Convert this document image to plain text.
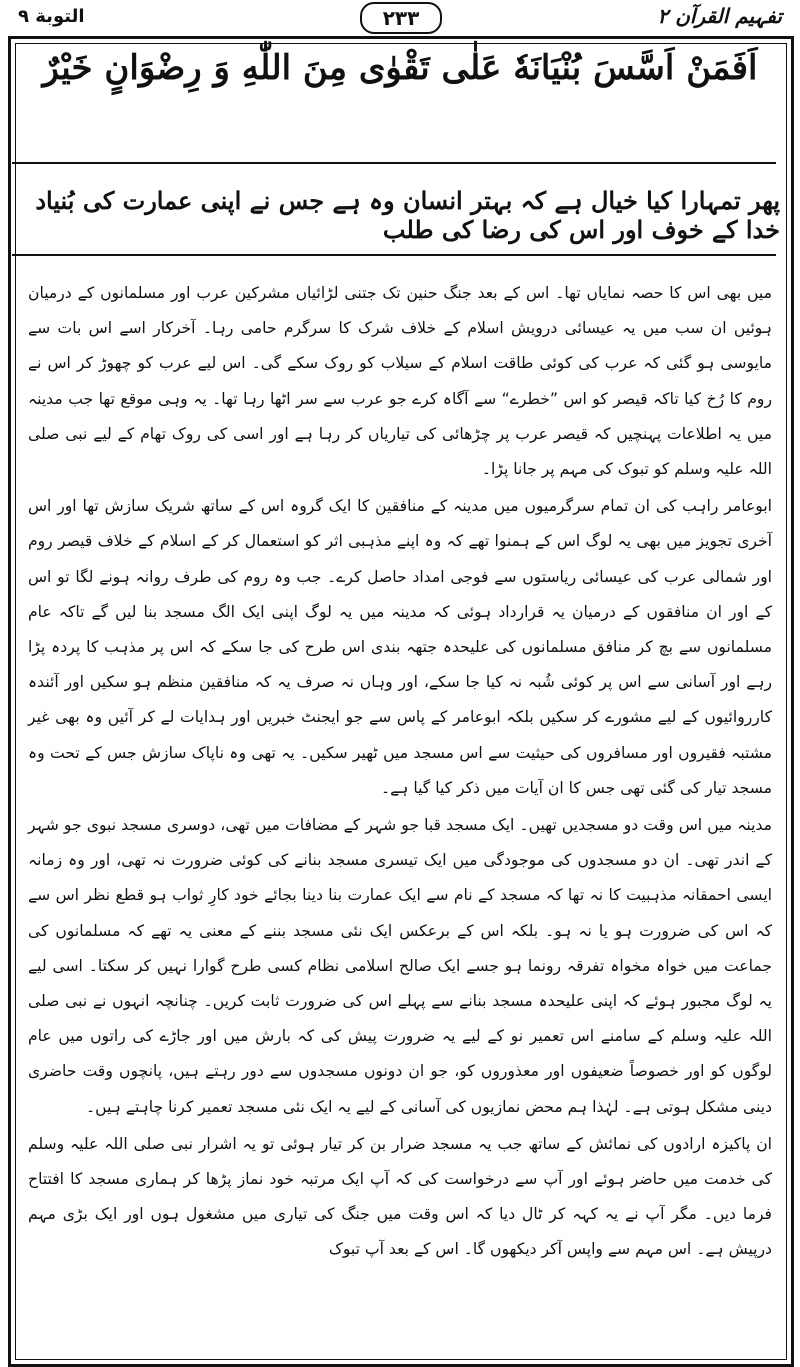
التوبة ٩	۲۳۳	تفہیم القرآن ۲
اَفَمَنْ اَسَّسَ بُنْيَانَهٗ عَلٰى تَقْوٰى مِنَ اللّٰهِ وَ رِضْوَانٍ خَيْرٌ
پھر تمہارا کیا خیال ہے کہ بہتر انسان وہ ہے جس نے اپنی عمارت کی بُنیاد خدا کے خوف اور اس کی رضا کی طلب

میں بھی اس کا حصہ نمایاں تھا۔ اس کے بعد جنگ حنین تک جتنی لڑائیاں مشرکین عرب اور مسلمانوں کے درمیان ہوئیں ان سب میں یہ عیسائی درویش اسلام کے خلاف شرک کا سرگرم حامی رہا۔ آخرکار اسے اس بات سے مایوسی ہو گئی کہ عرب کی کوئی طاقت اسلام کے سیلاب کو روک سکے گی۔ اس لیے عرب کو چھوڑ کر اس نے روم کا رُخ کیا تاکہ قیصر کو اس ”خطرے“ سے آگاہ کرے جو عرب سے سر اٹھا رہا تھا۔ یہ وہی موقع تھا جب مدینہ میں یہ اطلاعات پہنچیں کہ قیصر عرب پر چڑھائی کی تیاریاں کر رہا ہے اور اسی کی روک تھام کے لیے نبی صلی اللہ علیہ وسلم کو تبوک کی مہم پر جانا پڑا۔

ابوعامر راہب کی ان تمام سرگرمیوں میں مدینہ کے منافقین کا ایک گروہ اس کے ساتھ شریک سازش تھا اور اس آخری تجویز میں بھی یہ لوگ اس کے ہمنوا تھے کہ وہ اپنے مذہبی اثر کو استعمال کر کے اسلام کے خلاف قیصر روم اور شمالی عرب کی عیسائی ریاستوں سے فوجی امداد حاصل کرے۔ جب وہ روم کی طرف روانہ ہونے لگا تو اس کے اور ان منافقوں کے درمیان یہ قرارداد ہوئی کہ مدینہ میں یہ لوگ اپنی ایک الگ مسجد بنا لیں گے تاکہ عام مسلمانوں سے بچ کر منافق مسلمانوں کی علیحدہ جتھہ بندی اس طرح کی جا سکے کہ اس پر مذہب کا پردہ پڑا رہے اور آسانی سے اس پر کوئی شُبہ نہ کیا جا سکے، اور وہاں نہ صرف یہ کہ منافقین منظم ہو سکیں اور آئندہ کارروائیوں کے لیے مشورے کر سکیں بلکہ ابوعامر کے پاس سے جو ایجنٹ خبریں اور ہدایات لے کر آئیں وہ بھی غیر مشتبہ فقیروں اور مسافروں کی حیثیت سے اس مسجد میں ٹھیر سکیں۔ یہ تھی وہ ناپاک سازش جس کے تحت وہ مسجد تیار کی گئی تھی جس کا ان آیات میں ذکر کیا گیا ہے۔

مدینہ میں اس وقت دو مسجدیں تھیں۔ ایک مسجد قبا جو شہر کے مضافات میں تھی، دوسری مسجد نبوی جو شہر کے اندر تھی۔ ان دو مسجدوں کی موجودگی میں ایک تیسری مسجد بنانے کی کوئی ضرورت نہ تھی، اور وہ زمانہ ایسی احمقانہ مذہبیت کا نہ تھا کہ مسجد کے نام سے ایک عمارت بنا دینا بجائے خود کارِ ثواب ہو قطع نظر اس سے کہ اس کی ضرورت ہو یا نہ ہو۔ بلکہ اس کے برعکس ایک نئی مسجد بننے کے معنی یہ تھے کہ مسلمانوں کی جماعت میں خواہ مخواہ تفرقہ رونما ہو جسے ایک صالح اسلامی نظام کسی طرح گوارا نہیں کر سکتا۔ اسی لیے یہ لوگ مجبور ہوئے کہ اپنی علیحدہ مسجد بنانے سے پہلے اس کی ضرورت ثابت کریں۔ چنانچہ انہوں نے نبی صلی اللہ علیہ وسلم کے سامنے اس تعمیر نو کے لیے یہ ضرورت پیش کی کہ بارش میں اور جاڑے کی راتوں میں عام لوگوں کو اور خصوصاً ضعیفوں اور معذوروں کو، جو ان دونوں مسجدوں سے دور رہتے ہیں، پانچوں وقت حاضری دینی مشکل ہوتی ہے۔ لہٰذا ہم محض نمازیوں کی آسانی کے لیے یہ ایک نئی مسجد تعمیر کرنا چاہتے ہیں۔

ان پاکیزہ ارادوں کی نمائش کے ساتھ جب یہ مسجد ضرار بن کر تیار ہوئی تو یہ اشرار نبی صلی اللہ علیہ وسلم کی خدمت میں حاضر ہوئے اور آپ سے درخواست کی کہ آپ ایک مرتبہ خود نماز پڑھا کر ہماری مسجد کا افتتاح فرما دیں۔ مگر آپ نے یہ کہہ کر ٹال دیا کہ اس وقت میں جنگ کی تیاری میں مشغول ہوں اور ایک بڑی مہم درپیش ہے۔ اس مہم سے واپس آکر دیکھوں گا۔ اس کے بعد آپ تبوک
